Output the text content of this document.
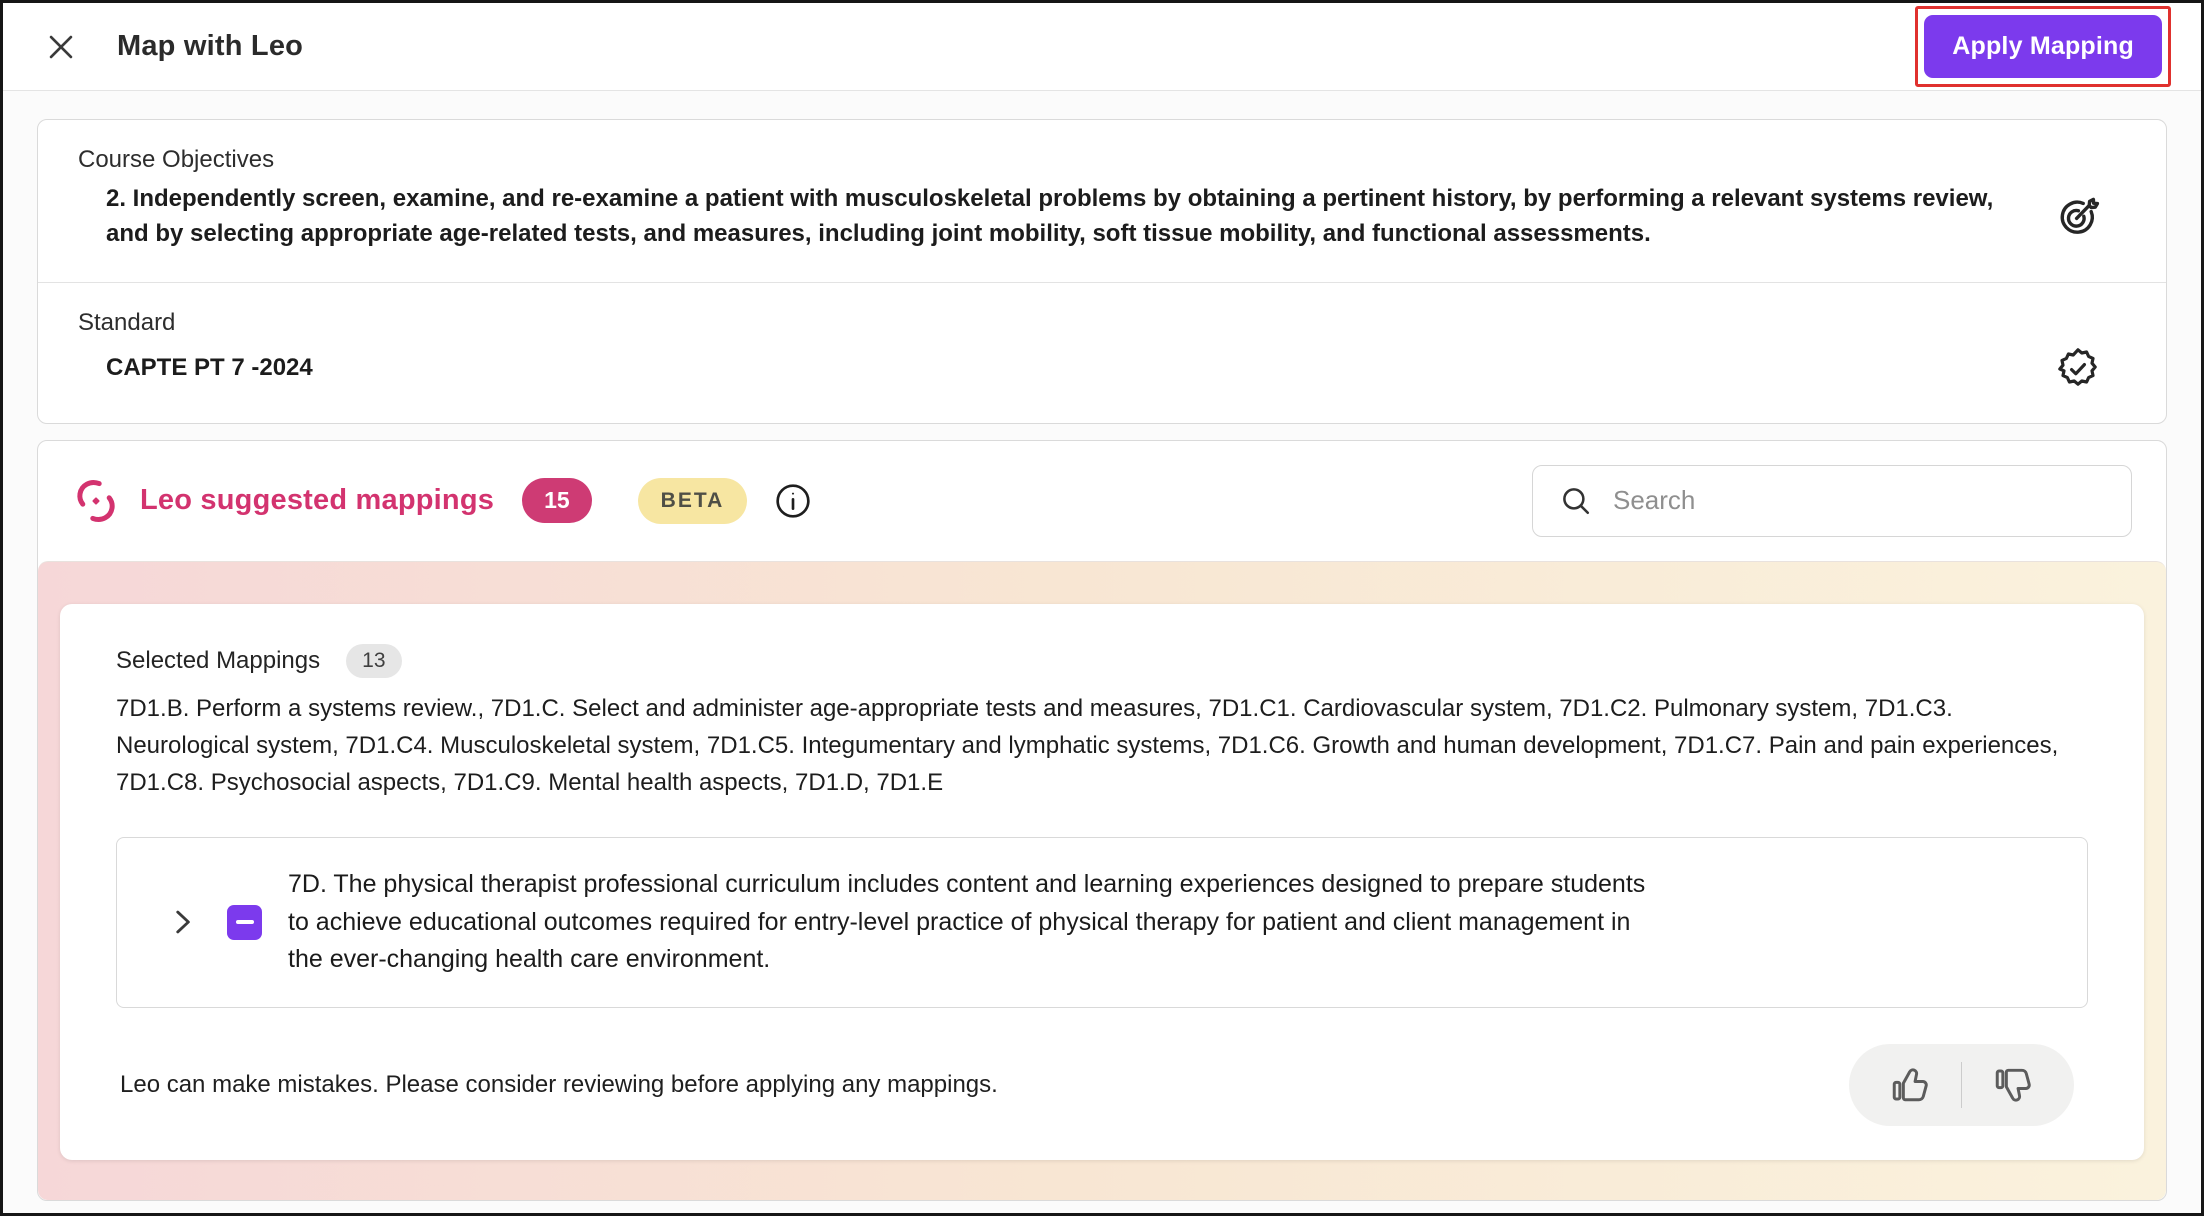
Map with Leo	Apply Mapping
Course Objectives
2. Independently screen, examine, and re-examine a patient with musculoskeletal problems by obtaining a pertinent history, by performing a relevant systems review, and by selecting appropriate age-related tests, and measures, including joint mobility, soft tissue mobility, and functional assessments.
Standard
CAPTE PT 7 -2024
Leo suggested mappings	15	BETA
Search
Selected Mappings	13
7D1.B. Perform a systems review., 7D1.C. Select and administer age-appropriate tests and measures, 7D1.C1. Cardiovascular system, 7D1.C2. Pulmonary system, 7D1.C3. Neurological system, 7D1.C4. Musculoskeletal system, 7D1.C5. Integumentary and lymphatic systems, 7D1.C6. Growth and human development, 7D1.C7. Pain and pain experiences, 7D1.C8. Psychosocial aspects, 7D1.C9. Mental health aspects, 7D1.D, 7D1.E
7D. The physical therapist professional curriculum includes content and learning experiences designed to prepare students to achieve educational outcomes required for entry-level practice of physical therapy for patient and client management in the ever-changing health care environment.
Leo can make mistakes. Please consider reviewing before applying any mappings.
